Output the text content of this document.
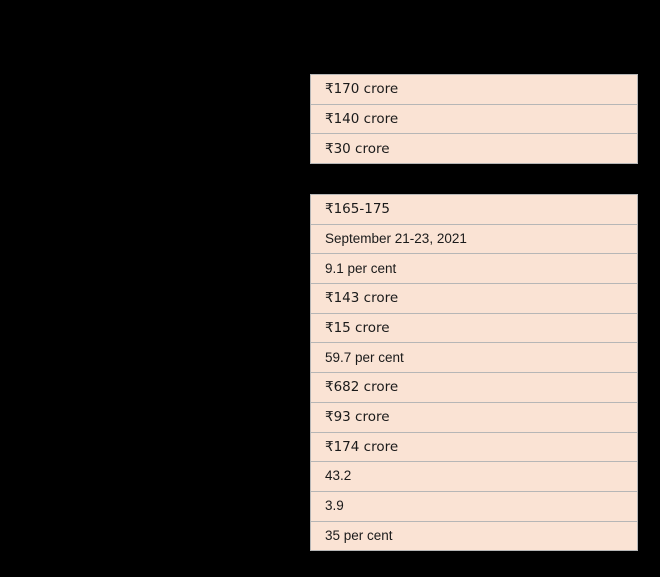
₹170 crore
₹140 crore
₹30 crore
₹165-175
September 21-23, 2021
9.1 per cent
₹143 crore
₹15 crore
59.7 per cent
₹682 crore
₹93 crore
₹174 crore
43.2
3.9
35 per cent
